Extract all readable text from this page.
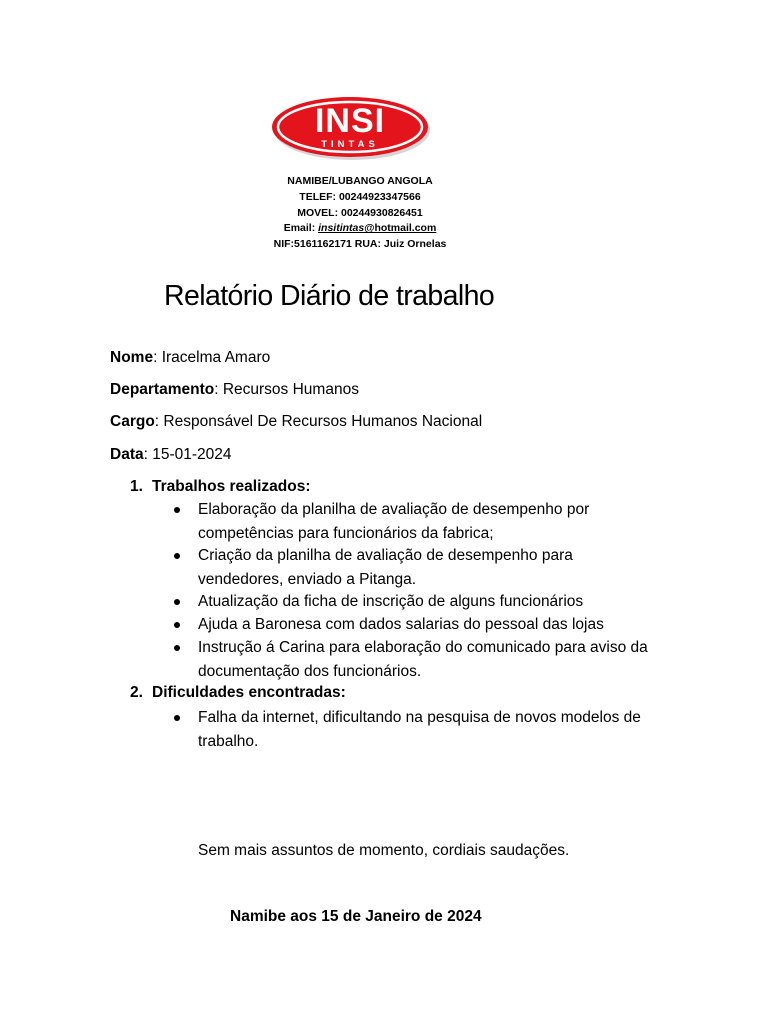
INSI
TINTAS
NAMIBE/LUBANGO ANGOLA
TELEF: 00244923347566
MOVEL: 00244930826451
Email: insitintas@hotmail.com
NIF:5161162171 RUA: Juiz Ornelas
Relatório Diário de trabalho
Nome: Iracelma Amaro
Departamento: Recursos Humanos
Cargo: Responsável De Recursos Humanos Nacional
Data: 15-01-2024
1. Trabalhos realizados:
Elaboração da planilha de avaliação de desempenho por competências para funcionários da fabrica;
Criação da planilha de avaliação de desempenho para vendedores, enviado a Pitanga.
Atualização da ficha de inscrição de alguns funcionários
Ajuda a Baronesa com dados salarias do pessoal das lojas
Instrução á Carina para elaboração do comunicado para aviso da documentação dos funcionários.
2. Dificuldades encontradas:
Falha da internet, dificultando na pesquisa de novos modelos de trabalho.
Sem mais assuntos de momento, cordiais saudações.
Namibe aos 15 de Janeiro de 2024
